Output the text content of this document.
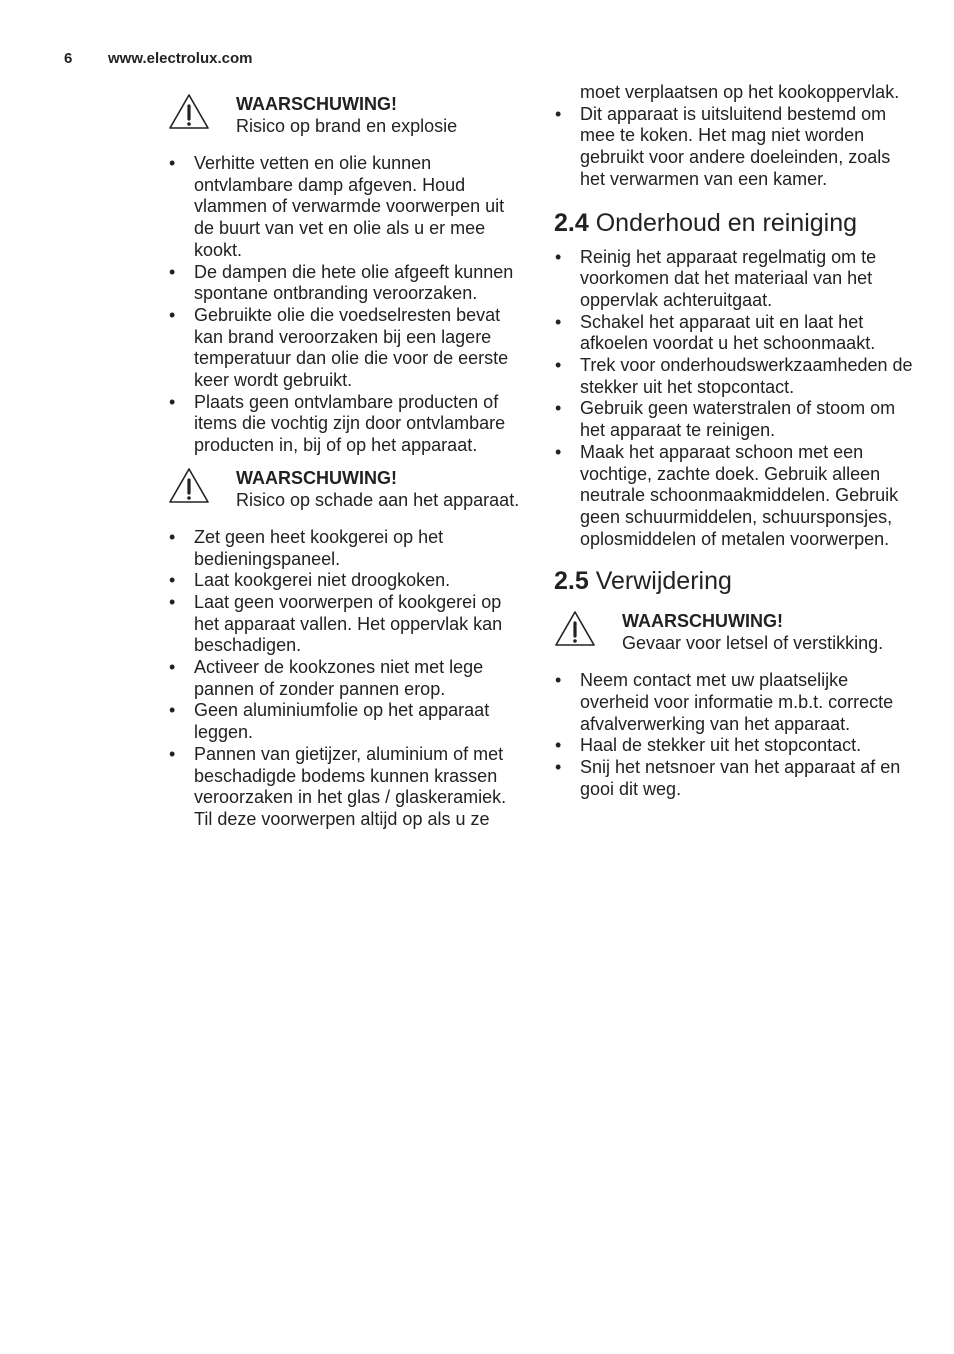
6 www.electrolux.com
WAARSCHUWING!
Risico op brand en explosie
• Verhitte vetten en olie kunnen ontvlambare damp afgeven. Houd vlammen of verwarmde voorwerpen uit de buurt van vet en olie als u er mee kookt.
• De dampen die hete olie afgeeft kunnen spontane ontbranding veroorzaken.
• Gebruikte olie die voedselresten bevat kan brand veroorzaken bij een lagere temperatuur dan olie die voor de eerste keer wordt gebruikt.
• Plaats geen ontvlambare producten of items die vochtig zijn door ontvlambare producten in, bij of op het apparaat.
WAARSCHUWING!
Risico op schade aan het apparaat.
• Zet geen heet kookgerei op het bedieningspaneel.
• Laat kookgerei niet droogkoken.
• Laat geen voorwerpen of kookgerei op het apparaat vallen. Het oppervlak kan beschadigen.
• Activeer de kookzones niet met lege pannen of zonder pannen erop.
• Geen aluminiumfolie op het apparaat leggen.
• Pannen van gietijzer, aluminium of met beschadigde bodems kunnen krassen veroorzaken in het glas / glaskeramiek. Til deze voorwerpen altijd op als u ze
moet verplaatsen op het kookoppervlak.
• Dit apparaat is uitsluitend bestemd om mee te koken. Het mag niet worden gebruikt voor andere doeleinden, zoals het verwarmen van een kamer.
2.4 Onderhoud en reiniging
• Reinig het apparaat regelmatig om te voorkomen dat het materiaal van het oppervlak achteruitgaat.
• Schakel het apparaat uit en laat het afkoelen voordat u het schoonmaakt.
• Trek voor onderhoudswerkzaamheden de stekker uit het stopcontact.
• Gebruik geen waterstralen of stoom om het apparaat te reinigen.
• Maak het apparaat schoon met een vochtige, zachte doek. Gebruik alleen neutrale schoonmaakmiddelen. Gebruik geen schuurmiddelen, schuursponsjes, oplosmiddelen of metalen voorwerpen.
2.5 Verwijdering
WAARSCHUWING!
Gevaar voor letsel of verstikking.
• Neem contact met uw plaatselijke overheid voor informatie m.b.t. correcte afvalverwerking van het apparaat.
• Haal de stekker uit het stopcontact.
• Snij het netsnoer van het apparaat af en gooi dit weg.
